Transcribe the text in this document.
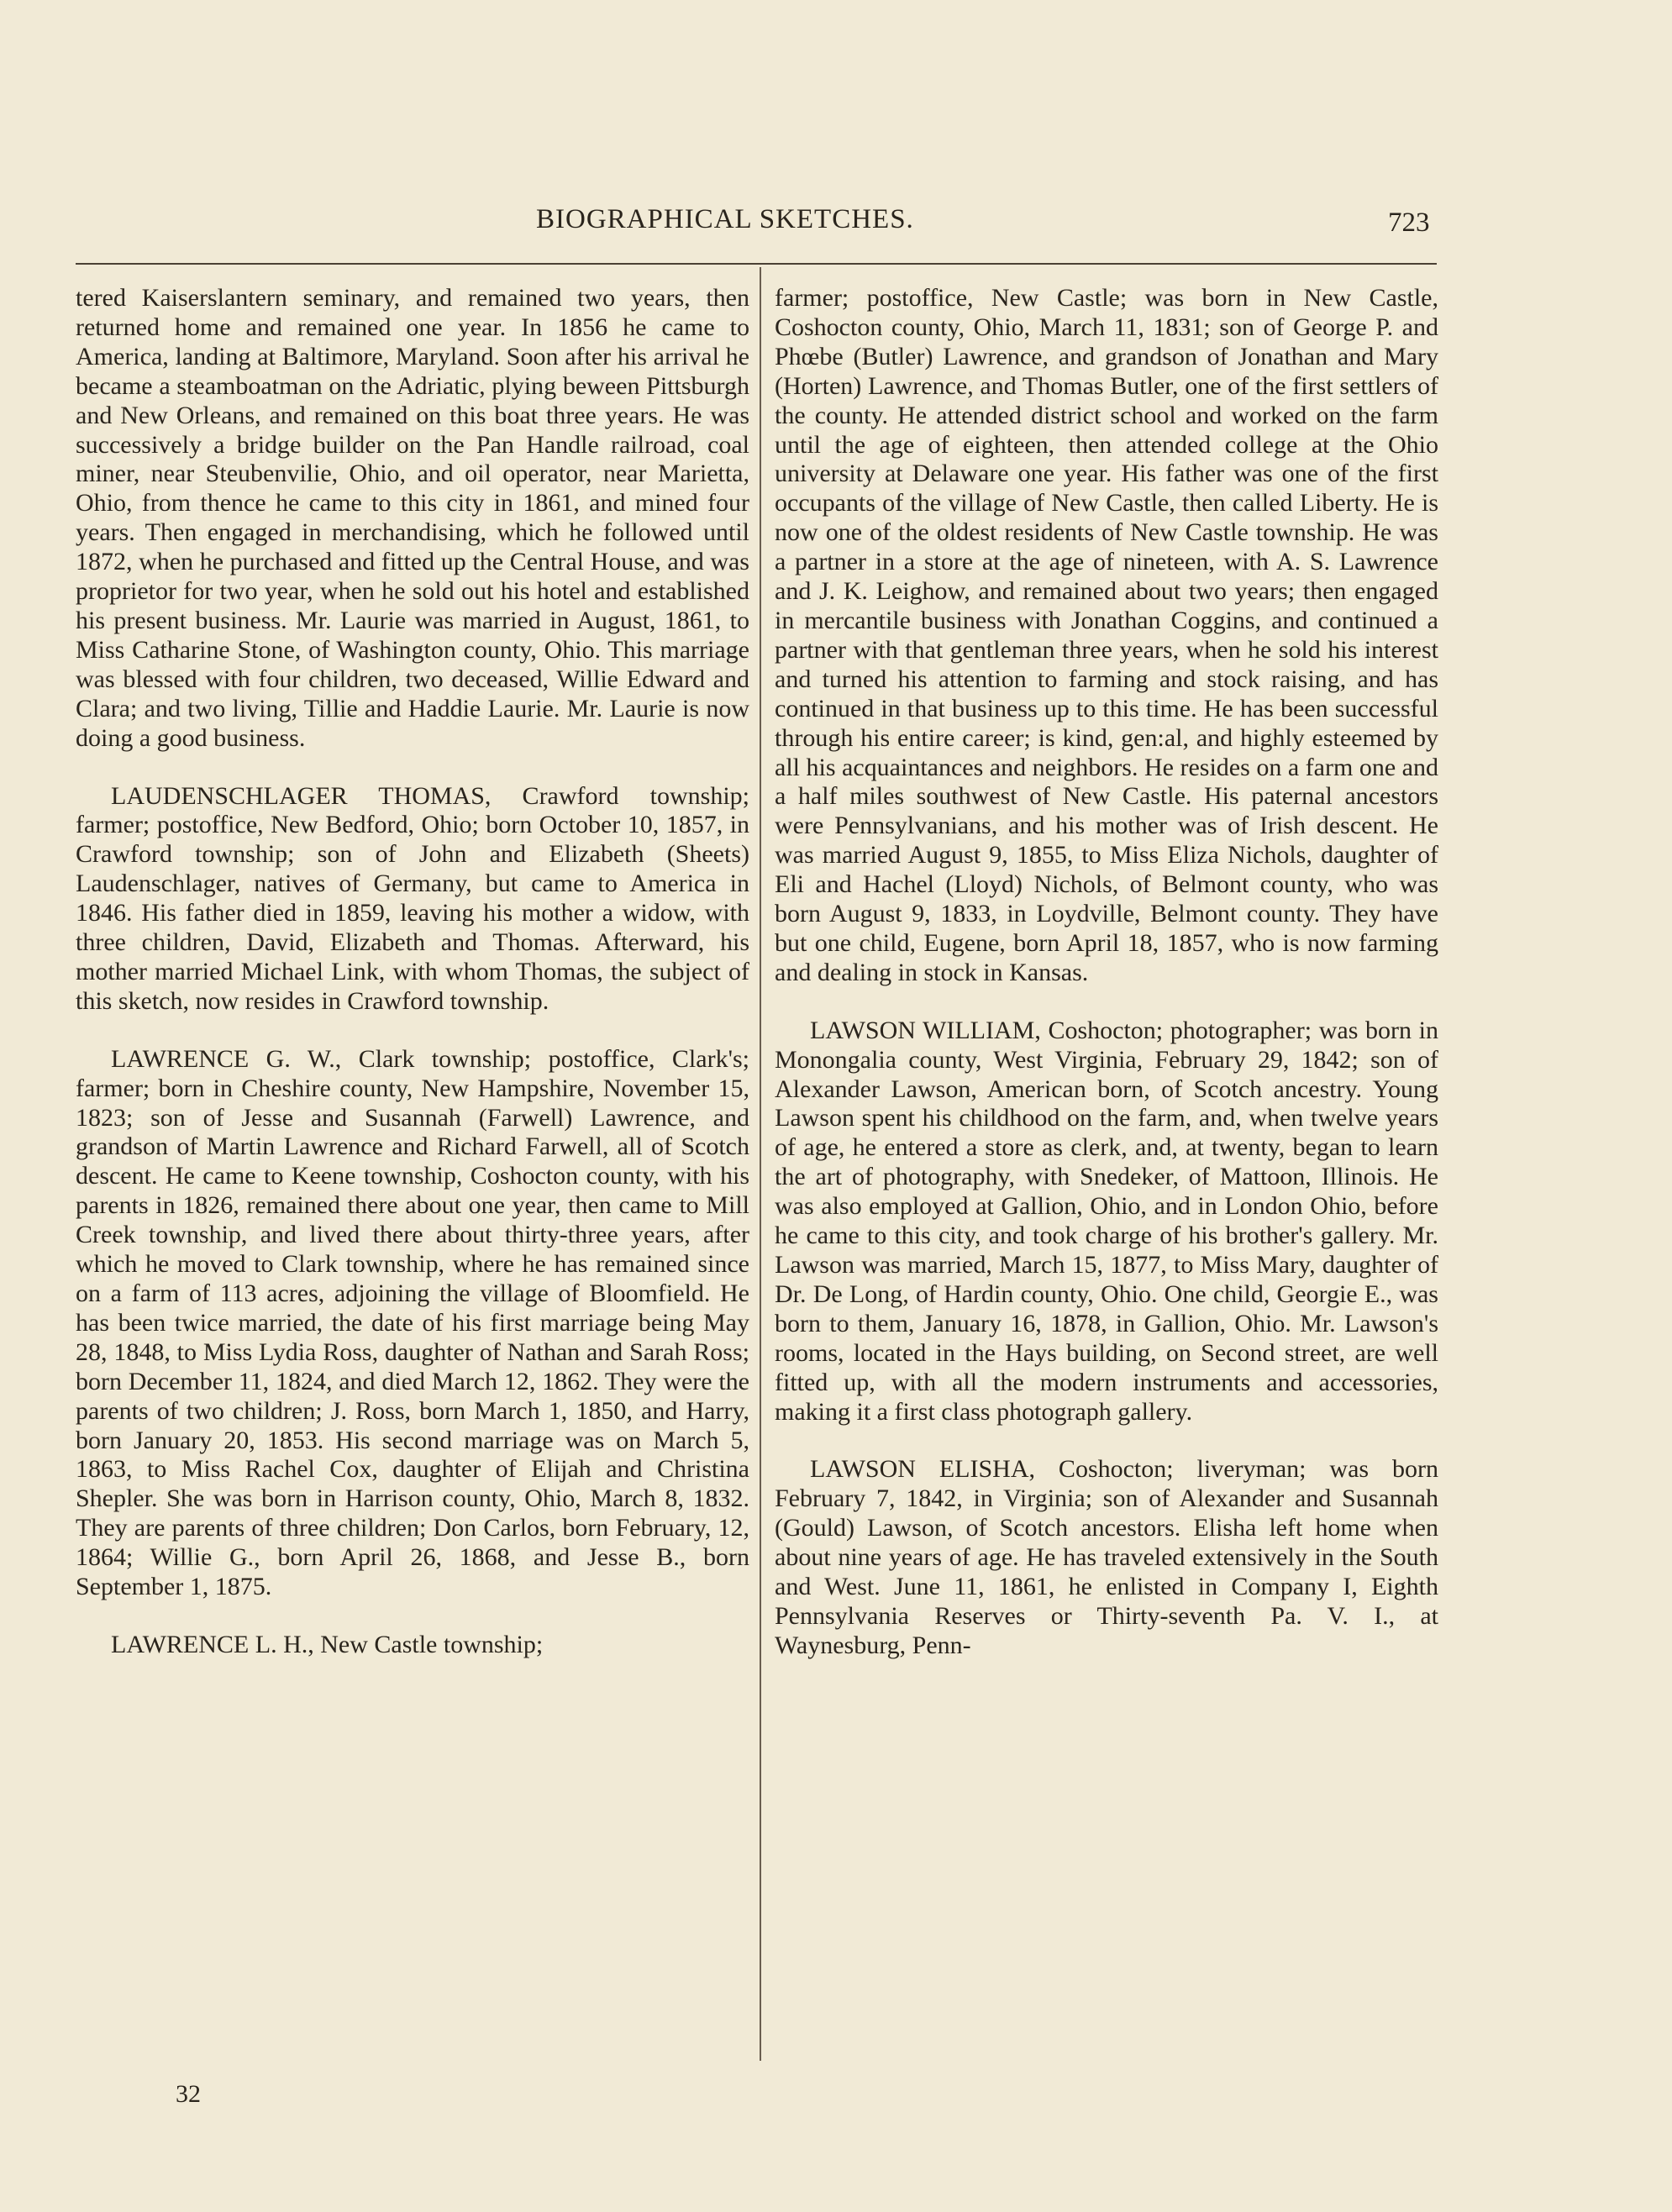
BIOGRAPHICAL SKETCHES.	723

tered Kaiserslantern seminary, and remained two years, then returned home and remained one year. In 1856 he came to America, landing at Baltimore, Maryland. Soon after his arrival he became a steamboatman on the Adriatic, plying beween Pittsburgh and New Orleans, and remained on this boat three years. He was successively a bridge builder on the Pan Handle railroad, coal miner, near Steubenvilie, Ohio, and oil operator, near Marietta, Ohio, from thence he came to this city in 1861, and mined four years. Then engaged in merchandising, which he followed until 1872, when he purchased and fitted up the Central House, and was proprietor for two year, when he sold out his hotel and established his present business. Mr. Laurie was married in August, 1861, to Miss Catharine Stone, of Washington county, Ohio. This marriage was blessed with four children, two deceased, Willie Edward and Clara; and two living, Tillie and Haddie Laurie. Mr. Laurie is now doing a good business.

LAUDENSCHLAGER THOMAS, Crawford township; farmer; postoffice, New Bedford, Ohio; born October 10, 1857, in Crawford township; son of John and Elizabeth (Sheets) Laudenschlager, natives of Germany, but came to America in 1846. His father died in 1859, leaving his mother a widow, with three children, David, Elizabeth and Thomas. Afterward, his mother married Michael Link, with whom Thomas, the subject of this sketch, now resides in Crawford township.

LAWRENCE G. W., Clark township; postoffice, Clark's; farmer; born in Cheshire county, New Hampshire, November 15, 1823; son of Jesse and Susannah (Farwell) Lawrence, and grandson of Martin Lawrence and Richard Farwell, all of Scotch descent. He came to Keene township, Coshocton county, with his parents in 1826, remained there about one year, then came to Mill Creek township, and lived there about thirty-three years, after which he moved to Clark township, where he has remained since on a farm of 113 acres, adjoining the village of Bloomfield. He has been twice married, the date of his first marriage being May 28, 1848, to Miss Lydia Ross, daughter of Nathan and Sarah Ross; born December 11, 1824, and died March 12, 1862. They were the parents of two children; J. Ross, born March 1, 1850, and Harry, born January 20, 1853. His second marriage was on March 5, 1863, to Miss Rachel Cox, daughter of Elijah and Christina Shepler. She was born in Harrison county, Ohio, March 8, 1832. They are parents of three children; Don Carlos, born February, 12, 1864; Willie G., born April 26, 1868, and Jesse B., born September 1, 1875.

LAWRENCE L. H., New Castle township;

farmer; postoffice, New Castle; was born in New Castle, Coshocton county, Ohio, March 11, 1831; son of George P. and Phœbe (Butler) Lawrence, and grandson of Jonathan and Mary (Horten) Lawrence, and Thomas Butler, one of the first settlers of the county. He attended district school and worked on the farm until the age of eighteen, then attended college at the Ohio university at Delaware one year. His father was one of the first occupants of the village of New Castle, then called Liberty. He is now one of the oldest residents of New Castle township. He was a partner in a store at the age of nineteen, with A. S. Lawrence and J. K. Leighow, and remained about two years; then engaged in mercantile business with Jonathan Coggins, and continued a partner with that gentleman three years, when he sold his interest and turned his attention to farming and stock raising, and has continued in that business up to this time. He has been successful through his entire career; is kind, gen:al, and highly esteemed by all his acquaintances and neighbors. He resides on a farm one and a half miles southwest of New Castle. His paternal ancestors were Pennsylvanians, and his mother was of Irish descent. He was married August 9, 1855, to Miss Eliza Nichols, daughter of Eli and Hachel (Lloyd) Nichols, of Belmont county, who was born August 9, 1833, in Loydville, Belmont county. They have but one child, Eugene, born April 18, 1857, who is now farming and dealing in stock in Kansas.

LAWSON WILLIAM, Coshocton; photographer; was born in Monongalia county, West Virginia, February 29, 1842; son of Alexander Lawson, American born, of Scotch ancestry. Young Lawson spent his childhood on the farm, and, when twelve years of age, he entered a store as clerk, and, at twenty, began to learn the art of photography, with Snedeker, of Mattoon, Illinois. He was also employed at Gallion, Ohio, and in London Ohio, before he came to this city, and took charge of his brother's gallery. Mr. Lawson was married, March 15, 1877, to Miss Mary, daughter of Dr. De Long, of Hardin county, Ohio. One child, Georgie E., was born to them, January 16, 1878, in Gallion, Ohio. Mr. Lawson's rooms, located in the Hays building, on Second street, are well fitted up, with all the modern instruments and accessories, making it a first class photograph gallery.

LAWSON ELISHA, Coshocton; liveryman; was born February 7, 1842, in Virginia; son of Alexander and Susannah (Gould) Lawson, of Scotch ancestors. Elisha left home when about nine years of age. He has traveled extensively in the South and West. June 11, 1861, he enlisted in Company I, Eighth Pennsylvania Reserves or Thirty-seventh Pa. V. I., at Waynesburg, Penn-

32
